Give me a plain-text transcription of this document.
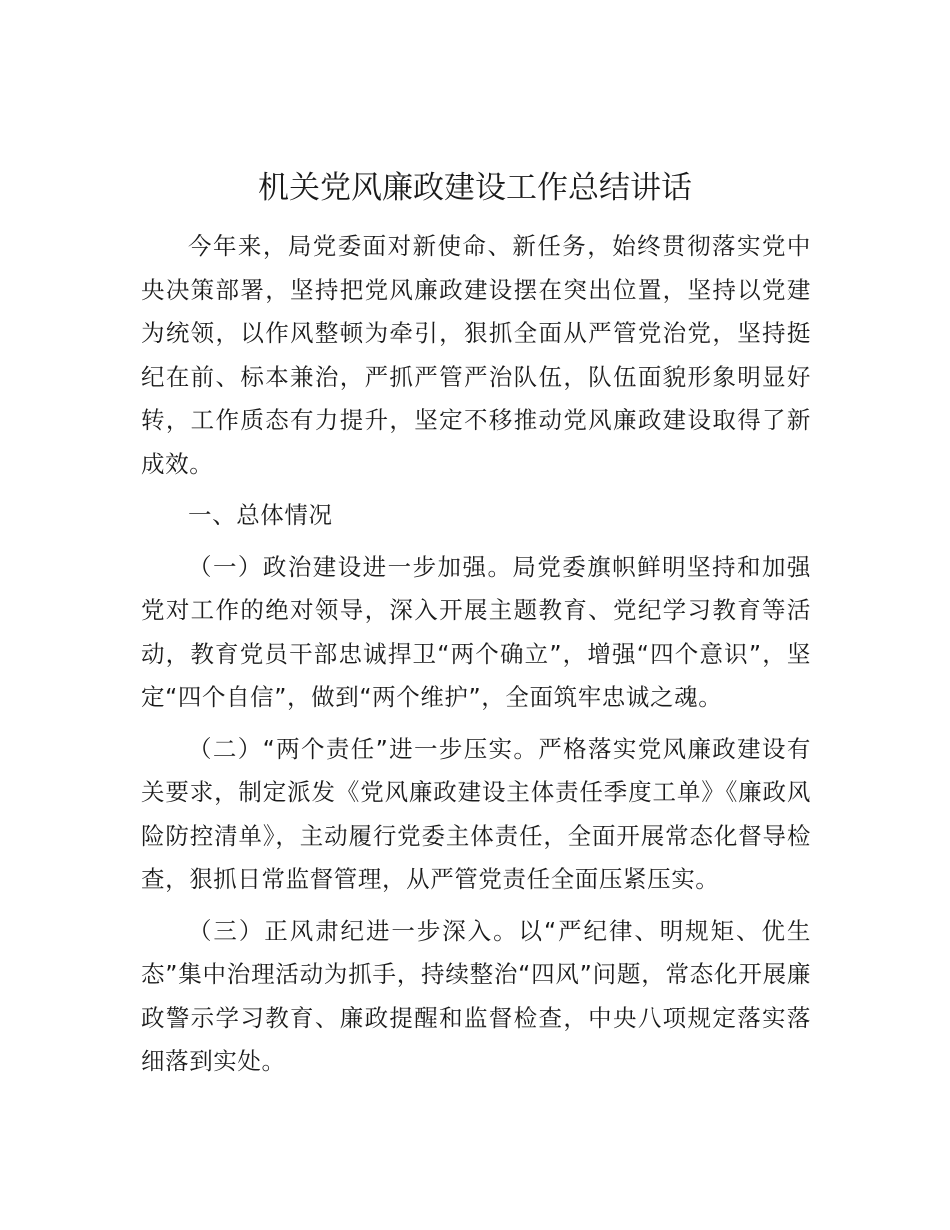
机关党风廉政建设工作总结讲话

今年来，局党委面对新使命、新任务，始终贯彻落实党中央决策部署，坚持把党风廉政建设摆在突出位置，坚持以党建为统领，以作风整顿为牵引，狠抓全面从严管党治党，坚持挺纪在前、标本兼治，严抓严管严治队伍，队伍面貌形象明显好转，工作质态有力提升，坚定不移推动党风廉政建设取得了新成效。

一、总体情况

（一）政治建设进一步加强。局党委旗帜鲜明坚持和加强党对工作的绝对领导，深入开展主题教育、党纪学习教育等活动，教育党员干部忠诚捍卫“两个确立”，增强“四个意识”，坚定“四个自信”，做到“两个维护”，全面筑牢忠诚之魂。

（二）“两个责任”进一步压实。严格落实党风廉政建设有关要求，制定派发《党风廉政建设主体责任季度工单》《廉政风险防控清单》，主动履行党委主体责任，全面开展常态化督导检查，狠抓日常监督管理，从严管党责任全面压紧压实。

（三）正风肃纪进一步深入。以“严纪律、明规矩、优生态”集中治理活动为抓手，持续整治“四风”问题，常态化开展廉政警示学习教育、廉政提醒和监督检查，中央八项规定落实落细落到实处。
